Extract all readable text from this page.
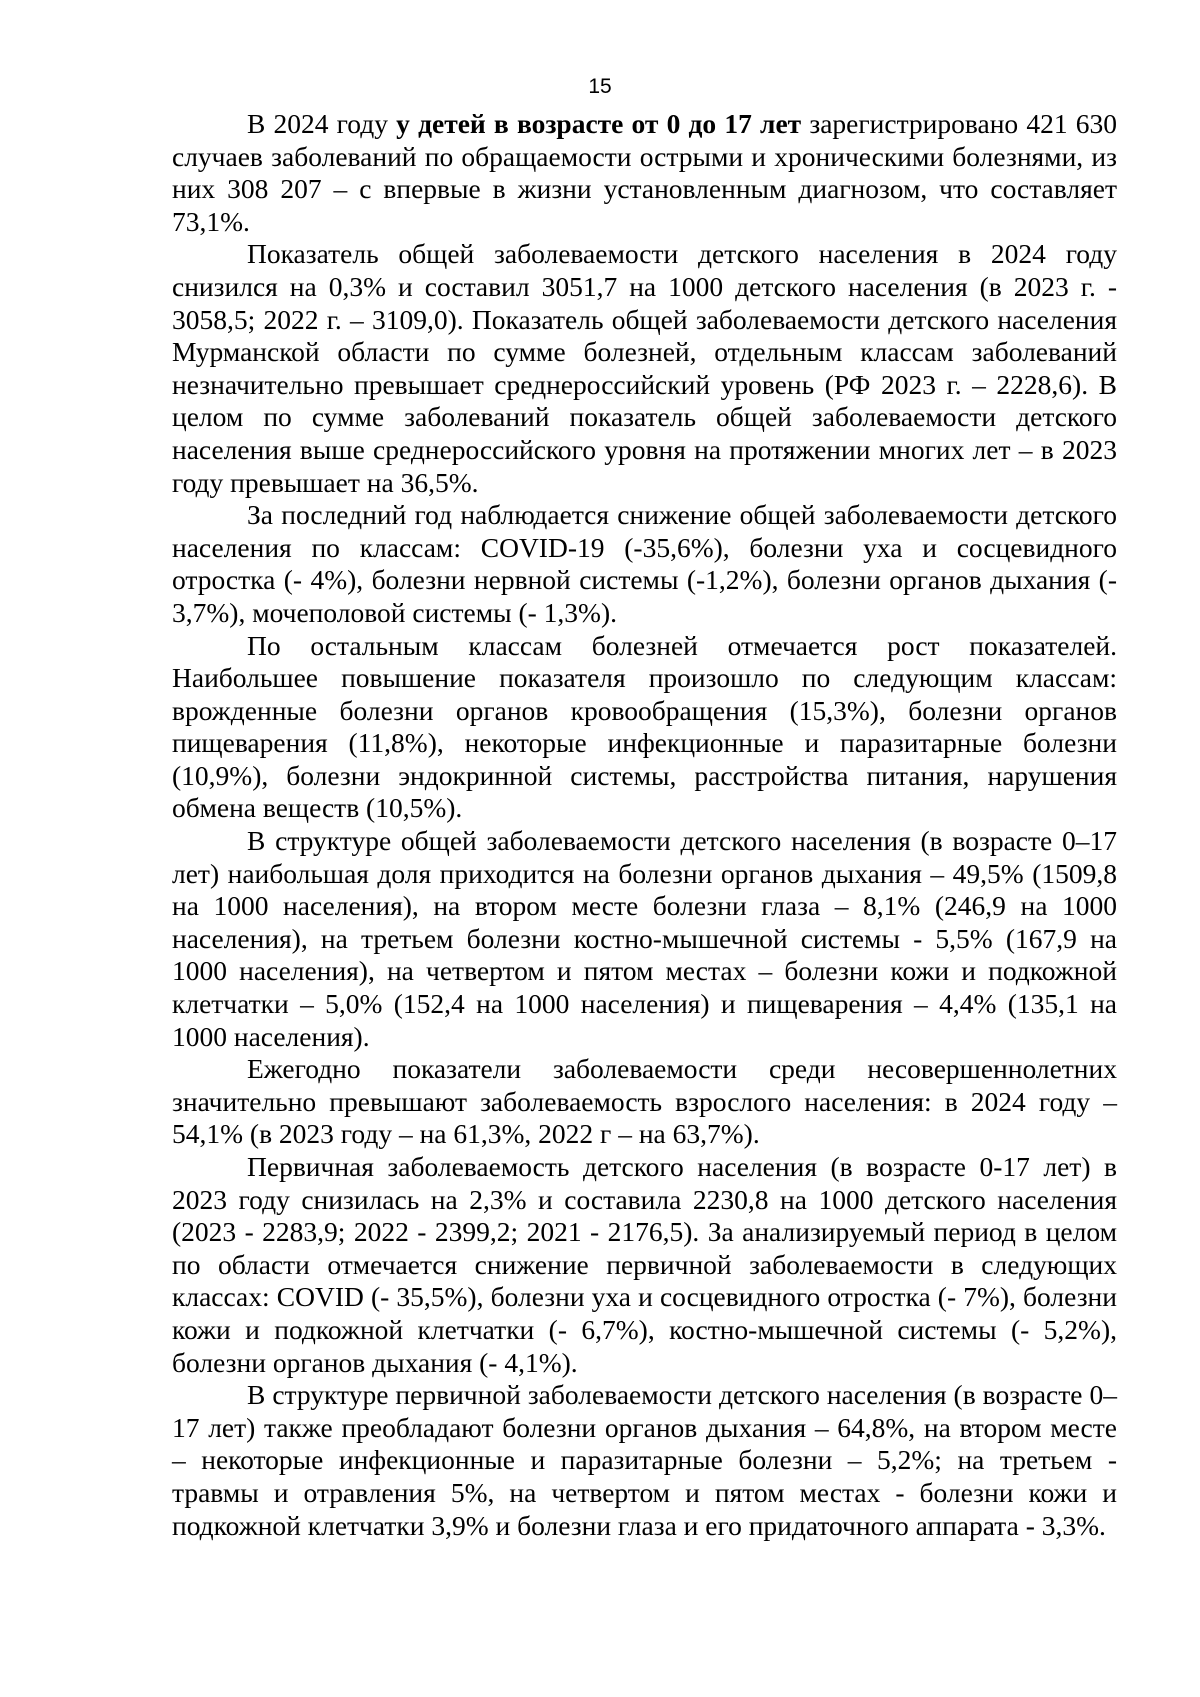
15

В 2024 году у детей в возрасте от 0 до 17 лет зарегистрировано 421 630 случаев заболеваний по обращаемости острыми и хроническими болезнями, из них 308 207 – с впервые в жизни установленным диагнозом, что составляет 73,1%.

Показатель общей заболеваемости детского населения в 2024 году снизился на 0,3% и составил 3051,7 на 1000 детского населения (в 2023 г. - 3058,5; 2022 г. – 3109,0). Показатель общей заболеваемости детского населения Мурманской области по сумме болезней, отдельным классам заболеваний незначительно превышает среднероссийский уровень (РФ 2023 г. – 2228,6). В целом по сумме заболеваний показатель общей заболеваемости детского населения выше среднероссийского уровня на протяжении многих лет – в 2023 году превышает на 36,5%.

За последний год наблюдается снижение общей заболеваемости детского населения по классам: COVID-19 (-35,6%), болезни уха и сосцевидного отростка (- 4%), болезни нервной системы (-1,2%), болезни органов дыхания (- 3,7%), мочеполовой системы (- 1,3%).

По остальным классам болезней отмечается рост показателей. Наибольшее повышение показателя произошло по следующим классам: врожденные болезни органов кровообращения (15,3%), болезни органов пищеварения (11,8%), некоторые инфекционные и паразитарные болезни (10,9%), болезни эндокринной системы, расстройства питания, нарушения обмена веществ (10,5%).

В структуре общей заболеваемости детского населения (в возрасте 0–17 лет) наибольшая доля приходится на болезни органов дыхания – 49,5% (1509,8 на 1000 населения), на втором месте болезни глаза – 8,1% (246,9 на 1000 населения), на третьем болезни костно-мышечной системы - 5,5% (167,9 на 1000 населения), на четвертом и пятом местах – болезни кожи и подкожной клетчатки – 5,0% (152,4 на 1000 населения) и пищеварения – 4,4% (135,1 на 1000 населения).

Ежегодно показатели заболеваемости среди несовершеннолетних значительно превышают заболеваемость взрослого населения: в 2024 году – 54,1% (в 2023 году – на 61,3%, 2022 г – на 63,7%).

Первичная заболеваемость детского населения (в возрасте 0-17 лет) в 2023 году снизилась на 2,3% и составила 2230,8 на 1000 детского населения (2023 - 2283,9; 2022 - 2399,2; 2021 - 2176,5). За анализируемый период в целом по области отмечается снижение первичной заболеваемости в следующих классах: COVID (- 35,5%), болезни уха и сосцевидного отростка (- 7%), болезни кожи и подкожной клетчатки (- 6,7%), костно-мышечной системы (- 5,2%), болезни органов дыхания (- 4,1%).

В структуре первичной заболеваемости детского населения (в возрасте 0–17 лет) также преобладают болезни органов дыхания – 64,8%, на втором месте – некоторые инфекционные и паразитарные болезни – 5,2%; на третьем - травмы и отравления 5%, на четвертом и пятом местах - болезни кожи и подкожной клетчатки 3,9% и болезни глаза и его придаточного аппарата - 3,3%.
